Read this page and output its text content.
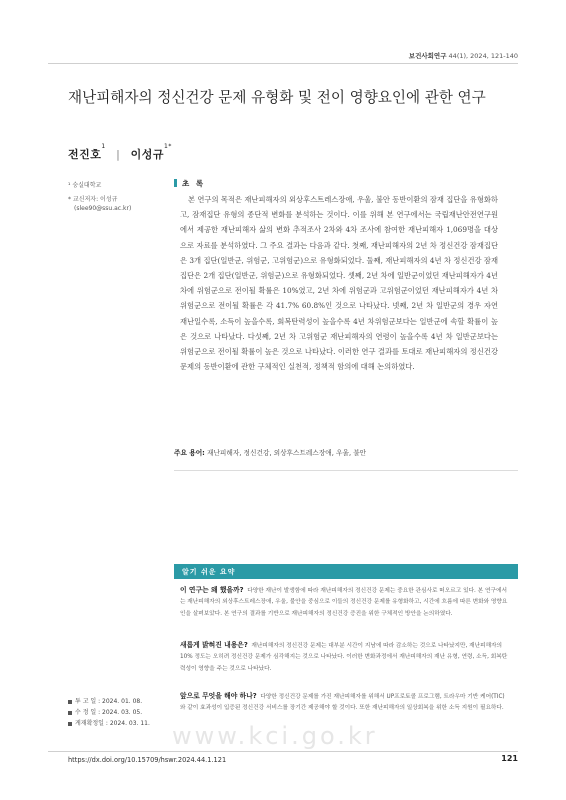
보건사회연구 44(1), 2024, 121-140
재난피해자의 정신건강 문제 유형화 및 전이 영향요인에 관한 연구
전진호$^1$ | 이성규$^{1*}$
¹ 숭실대학교
* 교신저자: 이성규
(slee90@ssu.ac.kr)
초 록
본 연구의 목적은 재난피해자의 외상후스트레스장애, 우울, 불안 동반이환의 잠재 집단을 유형화하고, 잠재집단 유형의 종단적 변화를 분석하는 것이다. 이를 위해 본 연구에서는 국립재난안전연구원에서 제공한 재난피해자 삶의 변화 추적조사 2차와 4차 조사에 참여한 재난피해자 1,069명을 대상으로 자료를 분석하였다. 그 주요 결과는 다음과 같다. 첫째, 재난피해자의 2년 차 정신건강 잠재집단은 3개 집단(일반군, 위험군, 고위험군)으로 유형화되었다. 둘째, 재난피해자의 4년 차 정신건강 잠재집단은 2개 집단(일반군, 위험군)으로 유형화되었다. 셋째, 2년 차에 일반군이었던 재난피해자가 4년 차에 위험군으로 전이될 확률은 10%였고, 2년 차에 위험군과 고위험군이었던 재난피해자가 4년 차 위험군으로 전이될 확률은 각 41.7% 60.8%인 것으로 나타났다. 넷째, 2년 차 일반군의 경우 자연재난일수록, 소득이 높을수록, 회복탄력성이 높을수록 4년 차위험군보다는 일반군에 속할 확률이 높은 것으로 나타났다. 다섯째, 2년 차 고위험군 재난피해자의 연령이 높을수록 4년 차 일반군보다는 위험군으로 전이될 확률이 높은 것으로 나타났다. 이러한 연구 결과를 토대로 재난피해자의 정신건강 문제의 동반이환에 관한 구체적인 실천적, 정책적 함의에 대해 논의하였다.
주요 용어: 재난피해자, 정신건강, 외상후스트레스장애, 우울, 불안
알기 쉬운 요약
이 연구는 왜 했을까? 다양한 재난이 발생함에 따라 재난피해자의 정신건강 문제는 중요한 관심사로 떠오르고 있다. 본 연구에서는 재난피해자의 외상후스트레스장애, 우울, 불안을 중심으로 이들의 정신건강 문제를 유형화하고, 시간에 흐름에 따른 변화와 영향요인을 살펴보았다. 본 연구의 결과를 기반으로 재난피해자의 정신건강 증진을 위한 구체적인 방안을 논의하였다.
새롭게 밝혀진 내용은? 재난피해자의 정신건강 문제는 대부분 시간이 지남에 따라 감소하는 것으로 나타났지만, 재난피해자의 10% 정도는 오히려 정신건강 문제가 심각해지는 것으로 나타났다. 이러한 변화과정에서 재난피해자의 재난 유형, 연령, 소득, 회복탄력성이 영향을 주는 것으로 나타났다.
앞으로 무엇을 해야 하나? 다양한 정신건강 문제를 가진 재난피해자를 위해서 UP프로토콜 프로그램, 트라우마 기반 케어(TIC)와 같이 효과성이 입증된 정신건강 서비스를 장기간 제공해야 할 것이다. 또한 재난피해자의 일상회복을 위한 소득 지원이 필요하다.
투 고 일 : 2024. 01. 08.
수 정 일 : 2024. 03. 05.
게재확정일 : 2024. 03. 11. www.kci.go.kr
https://dx.doi.org/10.15709/hswr.2024.44.1.121	121
